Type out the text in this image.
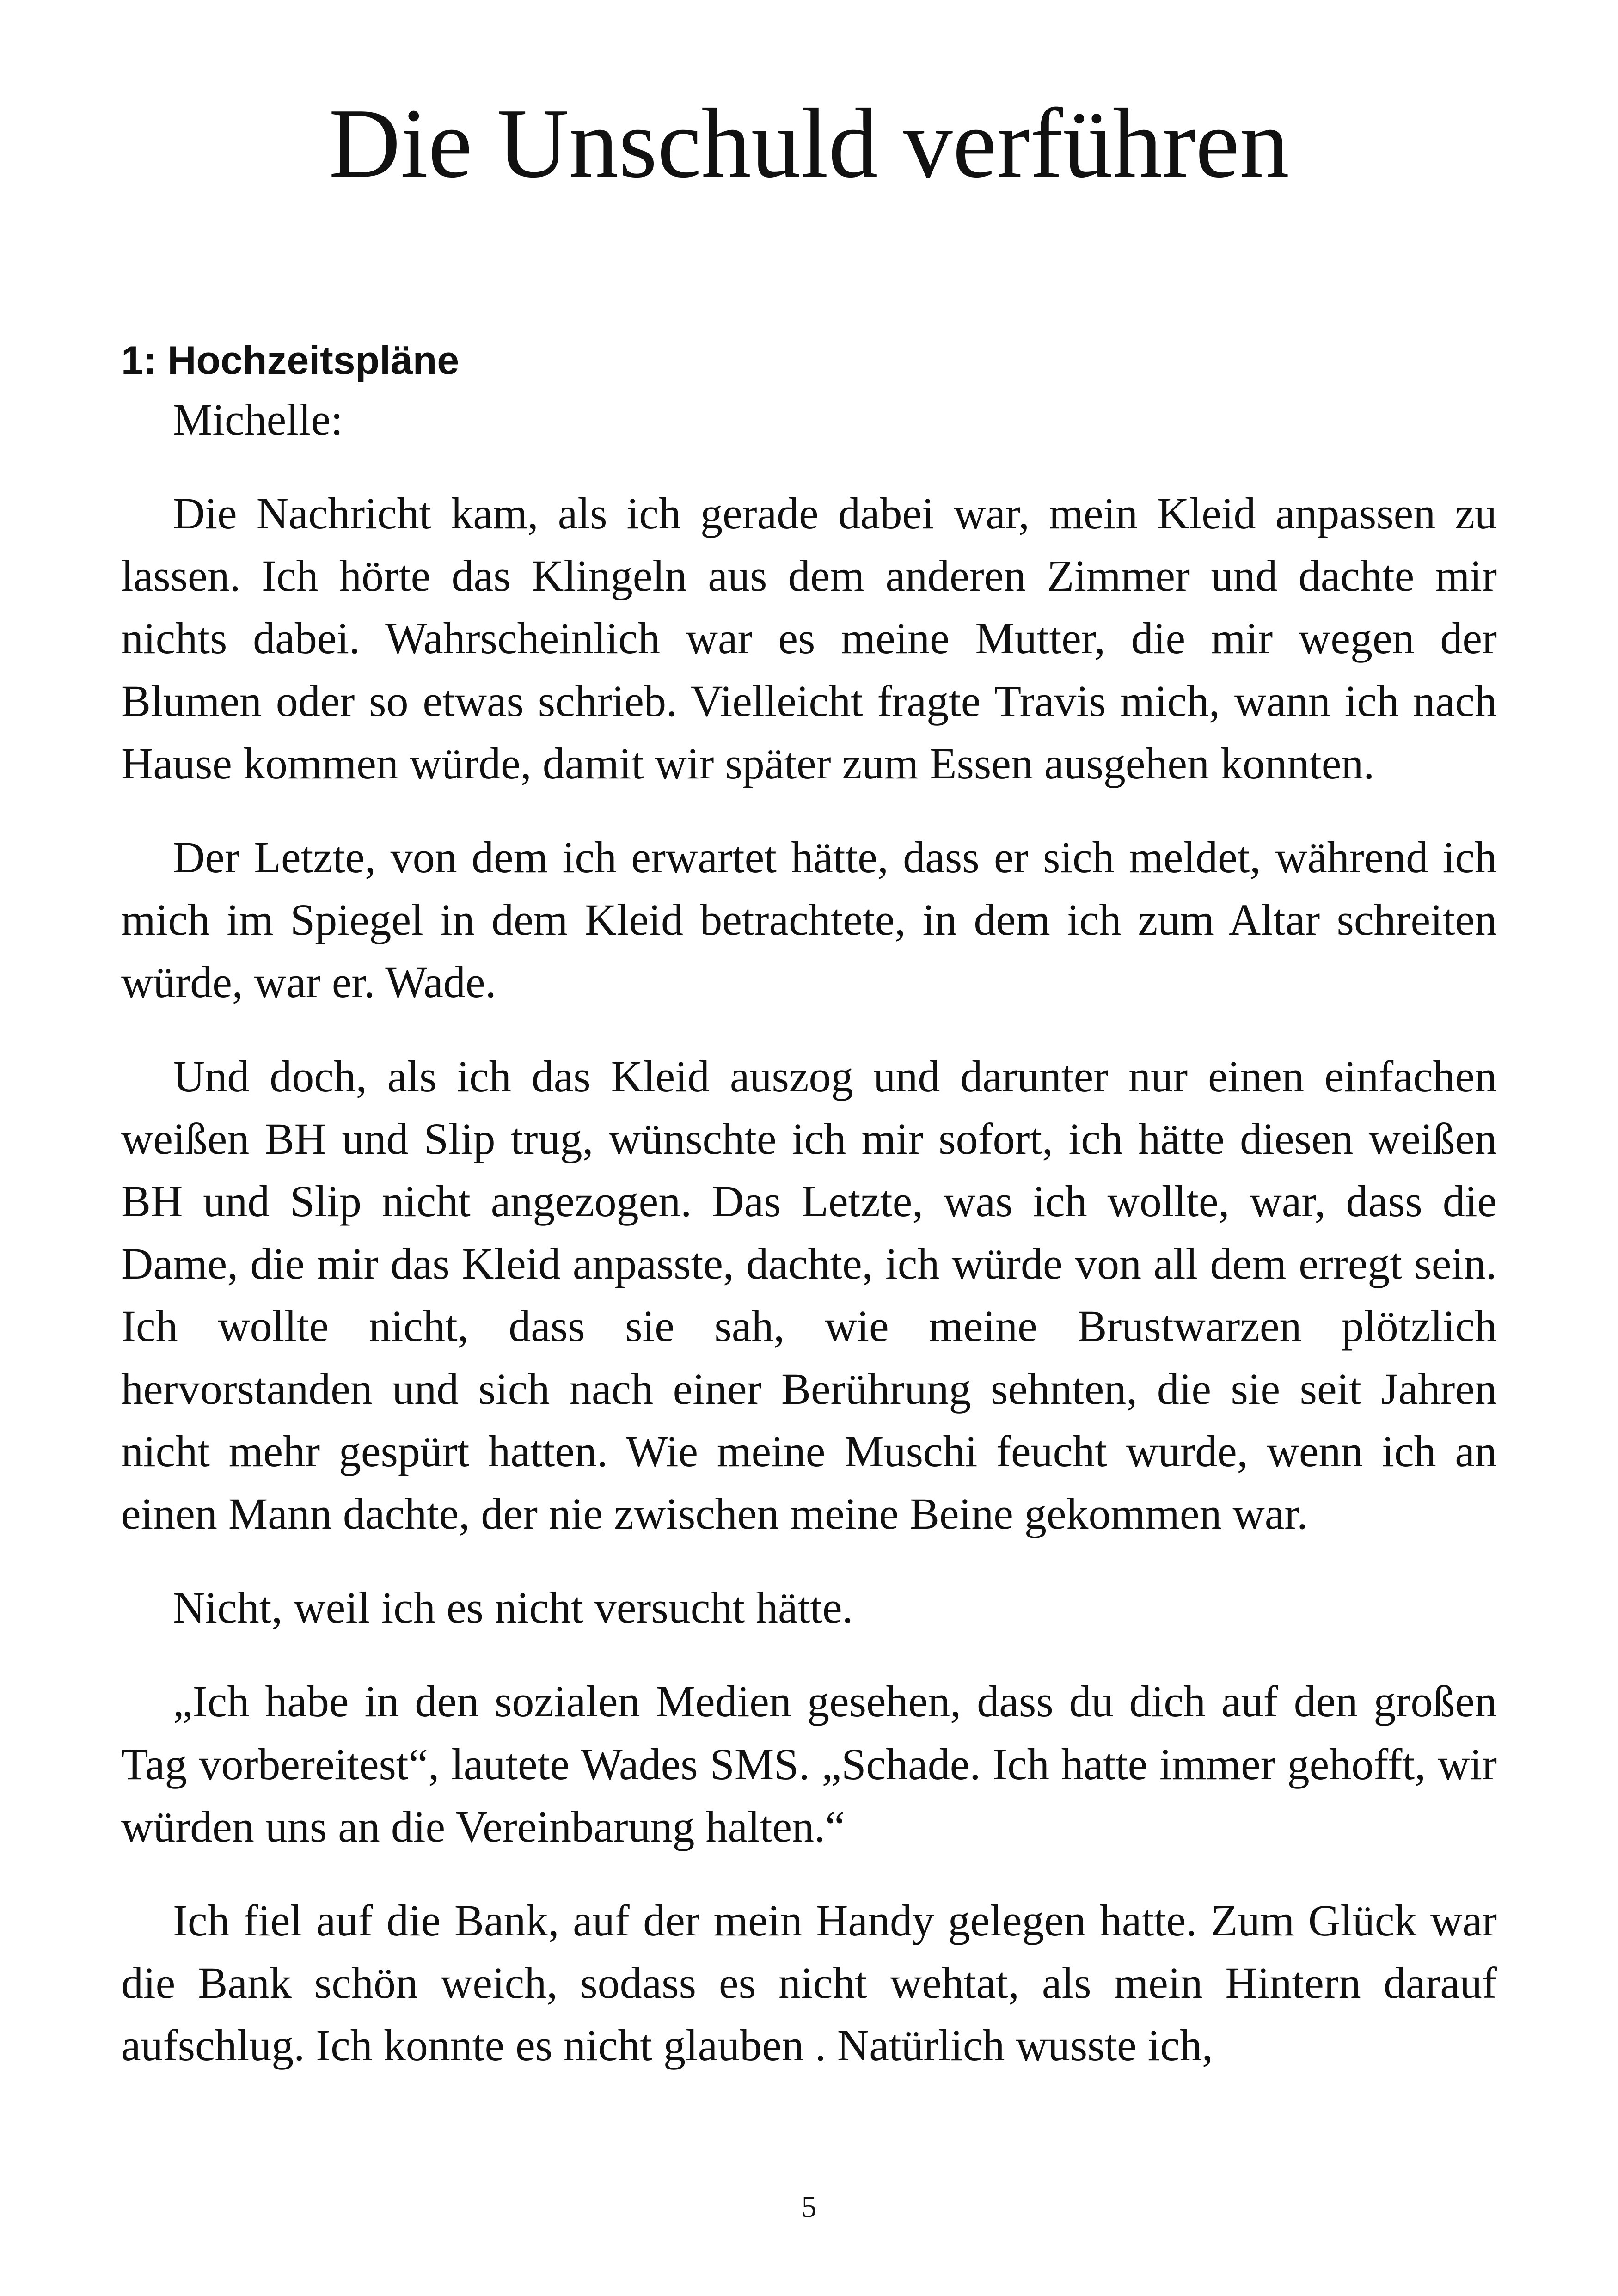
Die Unschuld verführen
1: Hochzeitspläne

Michelle:

Die Nachricht kam, als ich gerade dabei war, mein Kleid anpassen zu lassen. Ich hörte das Klingeln aus dem anderen Zimmer und dachte mir nichts dabei. Wahrscheinlich war es meine Mutter, die mir wegen der Blumen oder so etwas schrieb. Vielleicht fragte Travis mich, wann ich nach Hause kommen würde, damit wir später zum Essen ausgehen konnten.

Der Letzte, von dem ich erwartet hätte, dass er sich meldet, während ich mich im Spiegel in dem Kleid betrachtete, in dem ich zum Altar schreiten würde, war er. Wade.

Und doch, als ich das Kleid auszog und darunter nur einen einfachen weißen BH und Slip trug, wünschte ich mir sofort, ich hätte diesen weißen BH und Slip nicht angezogen. Das Letzte, was ich wollte, war, dass die Dame, die mir das Kleid anpasste, dachte, ich würde von all dem erregt sein. Ich wollte nicht, dass sie sah, wie meine Brustwarzen plötzlich hervorstanden und sich nach einer Berührung sehnten, die sie seit Jahren nicht mehr gespürt hatten. Wie meine Muschi feucht wurde, wenn ich an einen Mann dachte, der nie zwischen meine Beine gekommen war.

Nicht, weil ich es nicht versucht hätte.

„Ich habe in den sozialen Medien gesehen, dass du dich auf den großen Tag vorbereitest“, lautete Wades SMS. „Schade. Ich hatte immer gehofft, wir würden uns an die Vereinbarung halten.“

Ich fiel auf die Bank, auf der mein Handy gelegen hatte. Zum Glück war die Bank schön weich, sodass es nicht wehtat, als mein Hintern darauf aufschlug. Ich konnte es nicht glauben . Natürlich wusste ich,

5
